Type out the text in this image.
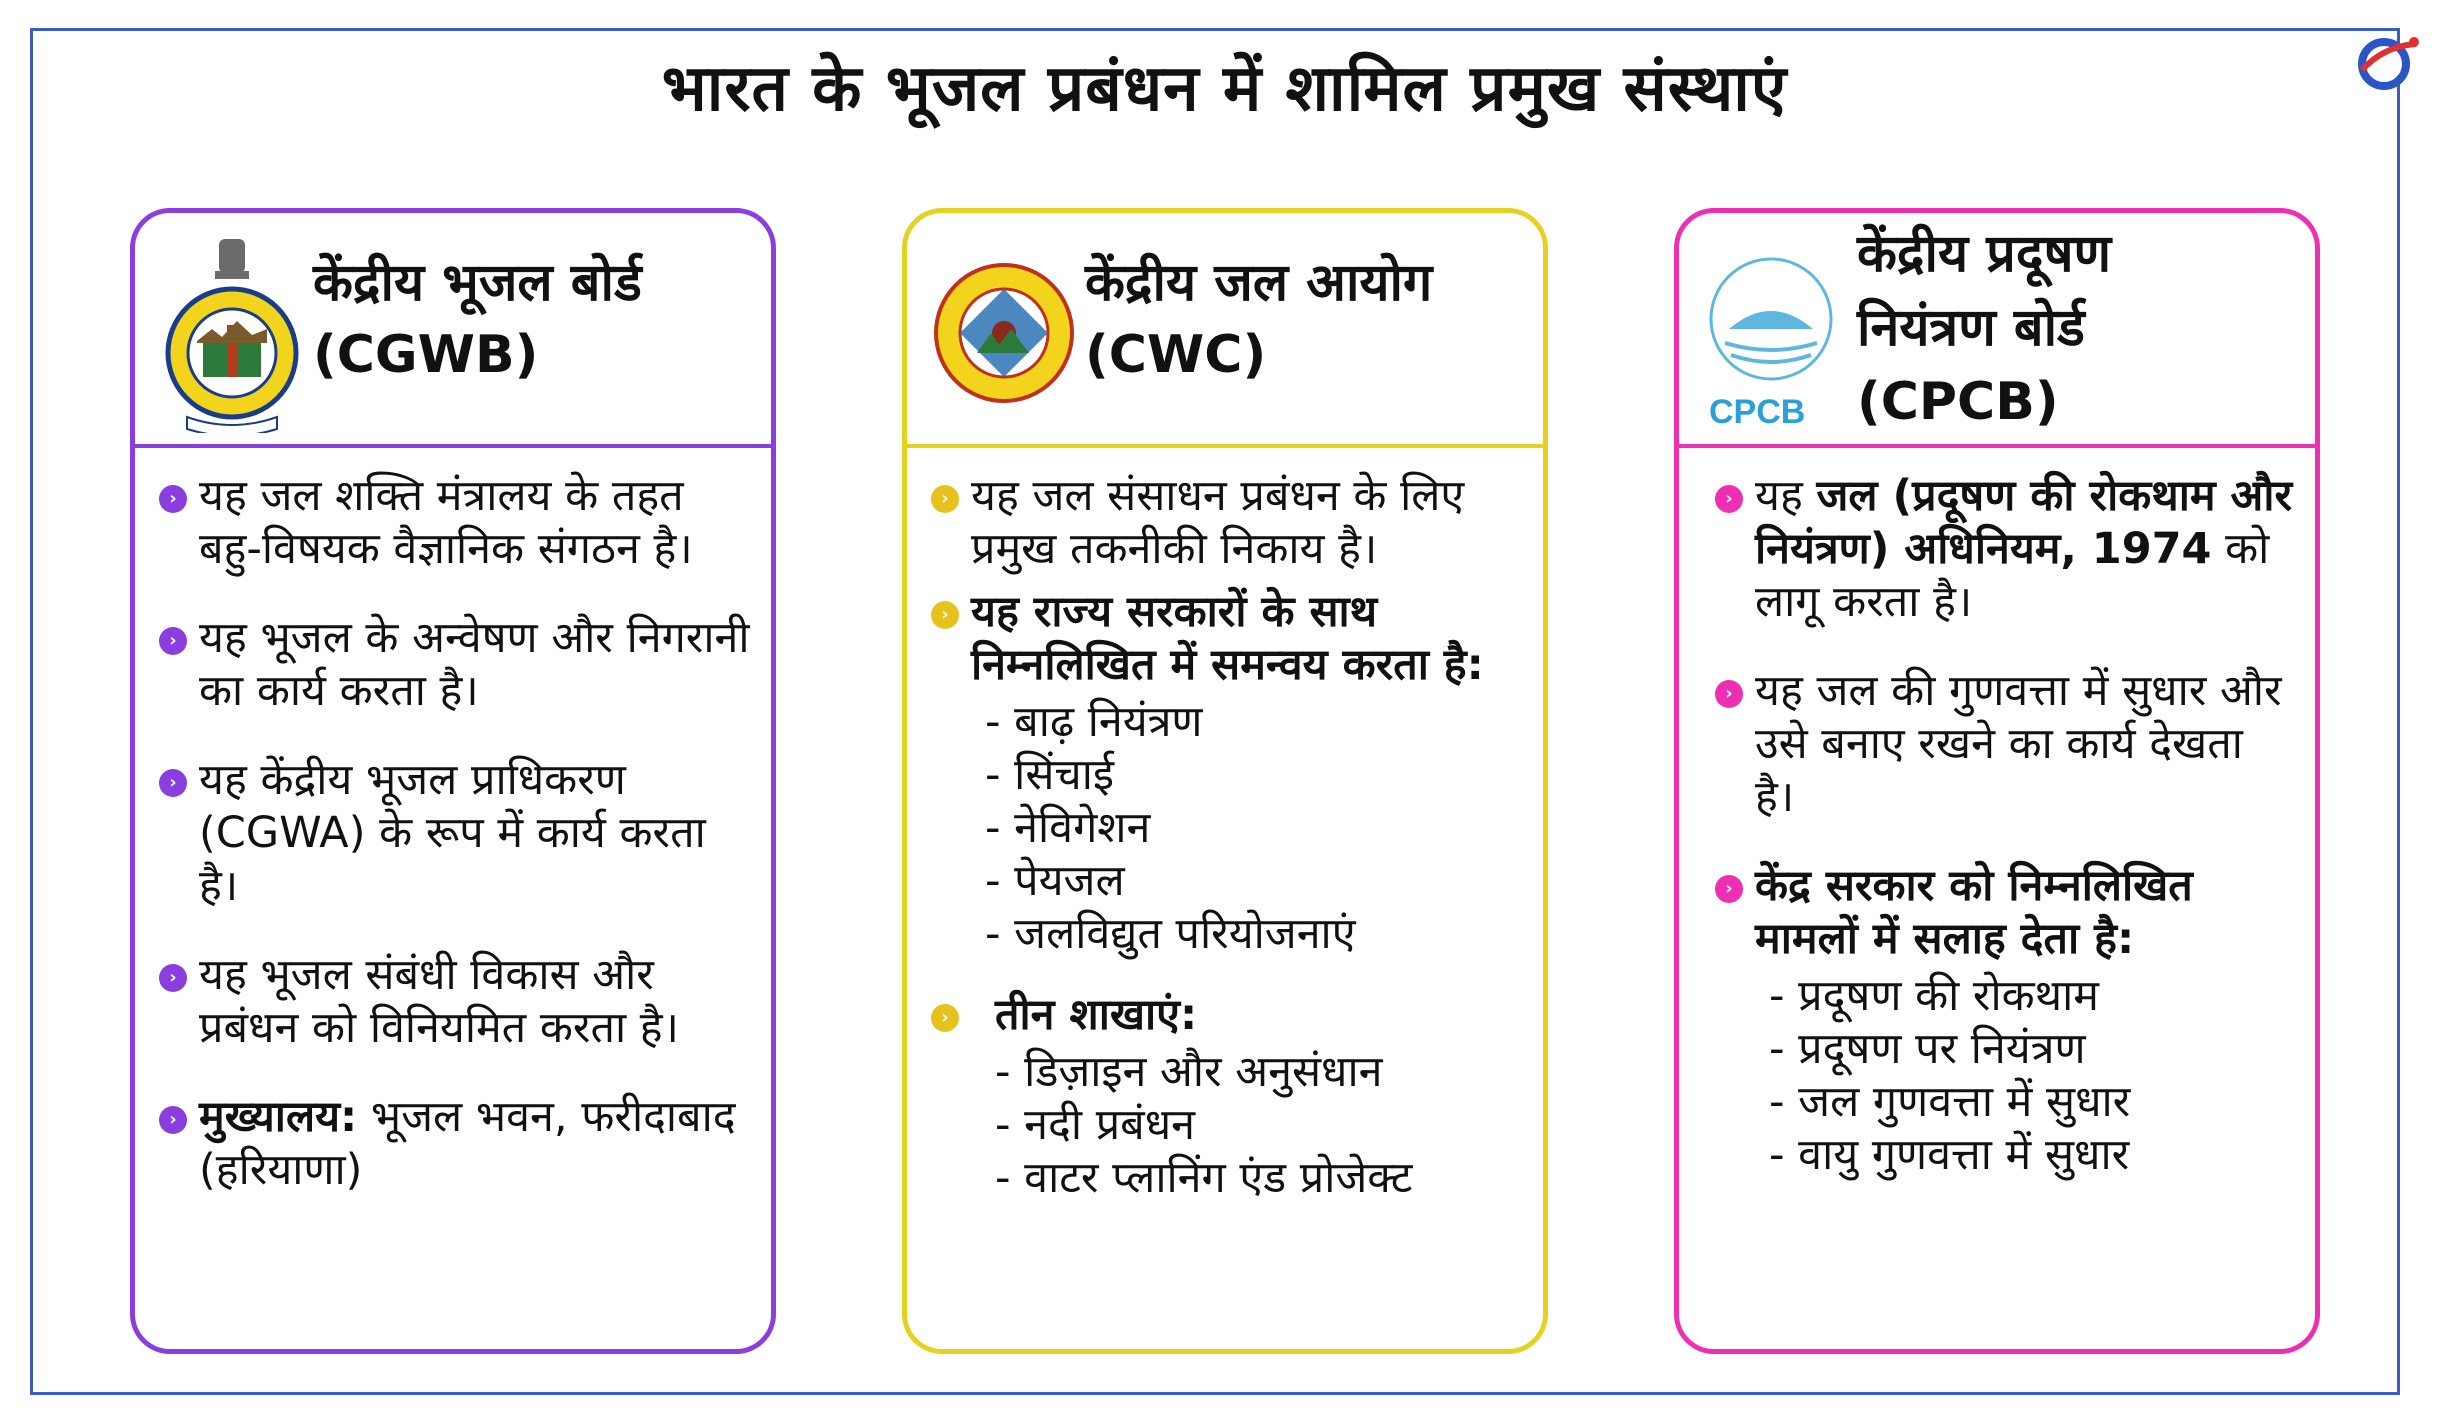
भारत के भूजल प्रबंधन में शामिल प्रमुख संस्थाएं
केंद्रीय भूजल बोर्ड
(CGWB)
› यह जल शक्ति मंत्रालय के तहत बहु-विषयक वैज्ञानिक संगठन है।
› यह भूजल के अन्वेषण और निगरानी का कार्य करता है।
› यह केंद्रीय भूजल प्राधिकरण (CGWA) के रूप में कार्य करता है।
› यह भूजल संबंधी विकास और प्रबंधन को विनियमित करता है।
› मुख्यालय: भूजल भवन, फरीदाबाद (हरियाणा)
केंद्रीय जल आयोग
(CWC)
› यह जल संसाधन प्रबंधन के लिए प्रमुख तकनीकी निकाय है।
› यह राज्य सरकारों के साथ निम्नलिखित में समन्वय करता है:
- बाढ़ नियंत्रण
- सिंचाई
- नेविगेशन
- पेयजल
- जलविद्युत परियोजनाएं
› तीन शाखाएं:
- डिज़ाइन और अनुसंधान
- नदी प्रबंधन
- वाटर प्लानिंग एंड प्रोजेक्ट
CPCB
केंद्रीय प्रदूषण
नियंत्रण बोर्ड
(CPCB)
› यह जल (प्रदूषण की रोकथाम और नियंत्रण) अधिनियम, 1974 को लागू करता है।
› यह जल की गुणवत्ता में सुधार और उसे बनाए रखने का कार्य देखता है।
› केंद्र सरकार को निम्नलिखित मामलों में सलाह देता है:
- प्रदूषण की रोकथाम
- प्रदूषण पर नियंत्रण
- जल गुणवत्ता में सुधार
- वायु गुणवत्ता में सुधार
